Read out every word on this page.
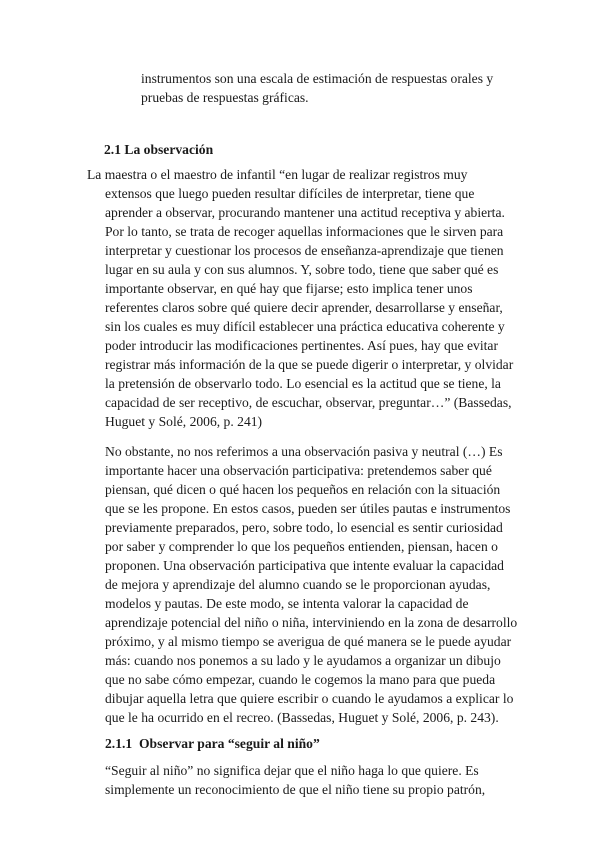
instrumentos son una escala de estimación de respuestas orales y
pruebas de respuestas gráficas.
2.1 La observación
La maestra o el maestro de infantil “en lugar de realizar registros muy
extensos que luego pueden resultar difíciles de interpretar, tiene que
aprender a observar, procurando mantener una actitud receptiva y abierta.
Por lo tanto, se trata de recoger aquellas informaciones que le sirven para
interpretar y cuestionar los procesos de enseñanza-aprendizaje que tienen
lugar en su aula y con sus alumnos. Y, sobre todo, tiene que saber qué es
importante observar, en qué hay que fijarse; esto implica tener unos
referentes claros sobre qué quiere decir aprender, desarrollarse y enseñar,
sin los cuales es muy difícil establecer una práctica educativa coherente y
poder introducir las modificaciones pertinentes. Así pues, hay que evitar
registrar más información de la que se puede digerir o interpretar, y olvidar
la pretensión de observarlo todo. Lo esencial es la actitud que se tiene, la
capacidad de ser receptivo, de escuchar, observar, preguntar…” (Bassedas,
Huguet y Solé, 2006, p. 241)
No obstante, no nos referimos a una observación pasiva y neutral (…) Es
importante hacer una observación participativa: pretendemos saber qué
piensan, qué dicen o qué hacen los pequeños en relación con la situación
que se les propone. En estos casos, pueden ser útiles pautas e instrumentos
previamente preparados, pero, sobre todo, lo esencial es sentir curiosidad
por saber y comprender lo que los pequeños entienden, piensan, hacen o
proponen. Una observación participativa que intente evaluar la capacidad
de mejora y aprendizaje del alumno cuando se le proporcionan ayudas,
modelos y pautas. De este modo, se intenta valorar la capacidad de
aprendizaje potencial del niño o niña, interviniendo en la zona de desarrollo
próximo, y al mismo tiempo se averigua de qué manera se le puede ayudar
más: cuando nos ponemos a su lado y le ayudamos a organizar un dibujo
que no sabe cómo empezar, cuando le cogemos la mano para que pueda
dibujar aquella letra que quiere escribir o cuando le ayudamos a explicar lo
que le ha ocurrido en el recreo. (Bassedas, Huguet y Solé, 2006, p. 243).
2.1.1  Observar para “seguir al niño”
“Seguir al niño” no significa dejar que el niño haga lo que quiere. Es
simplemente un reconocimiento de que el niño tiene su propio patrón,
